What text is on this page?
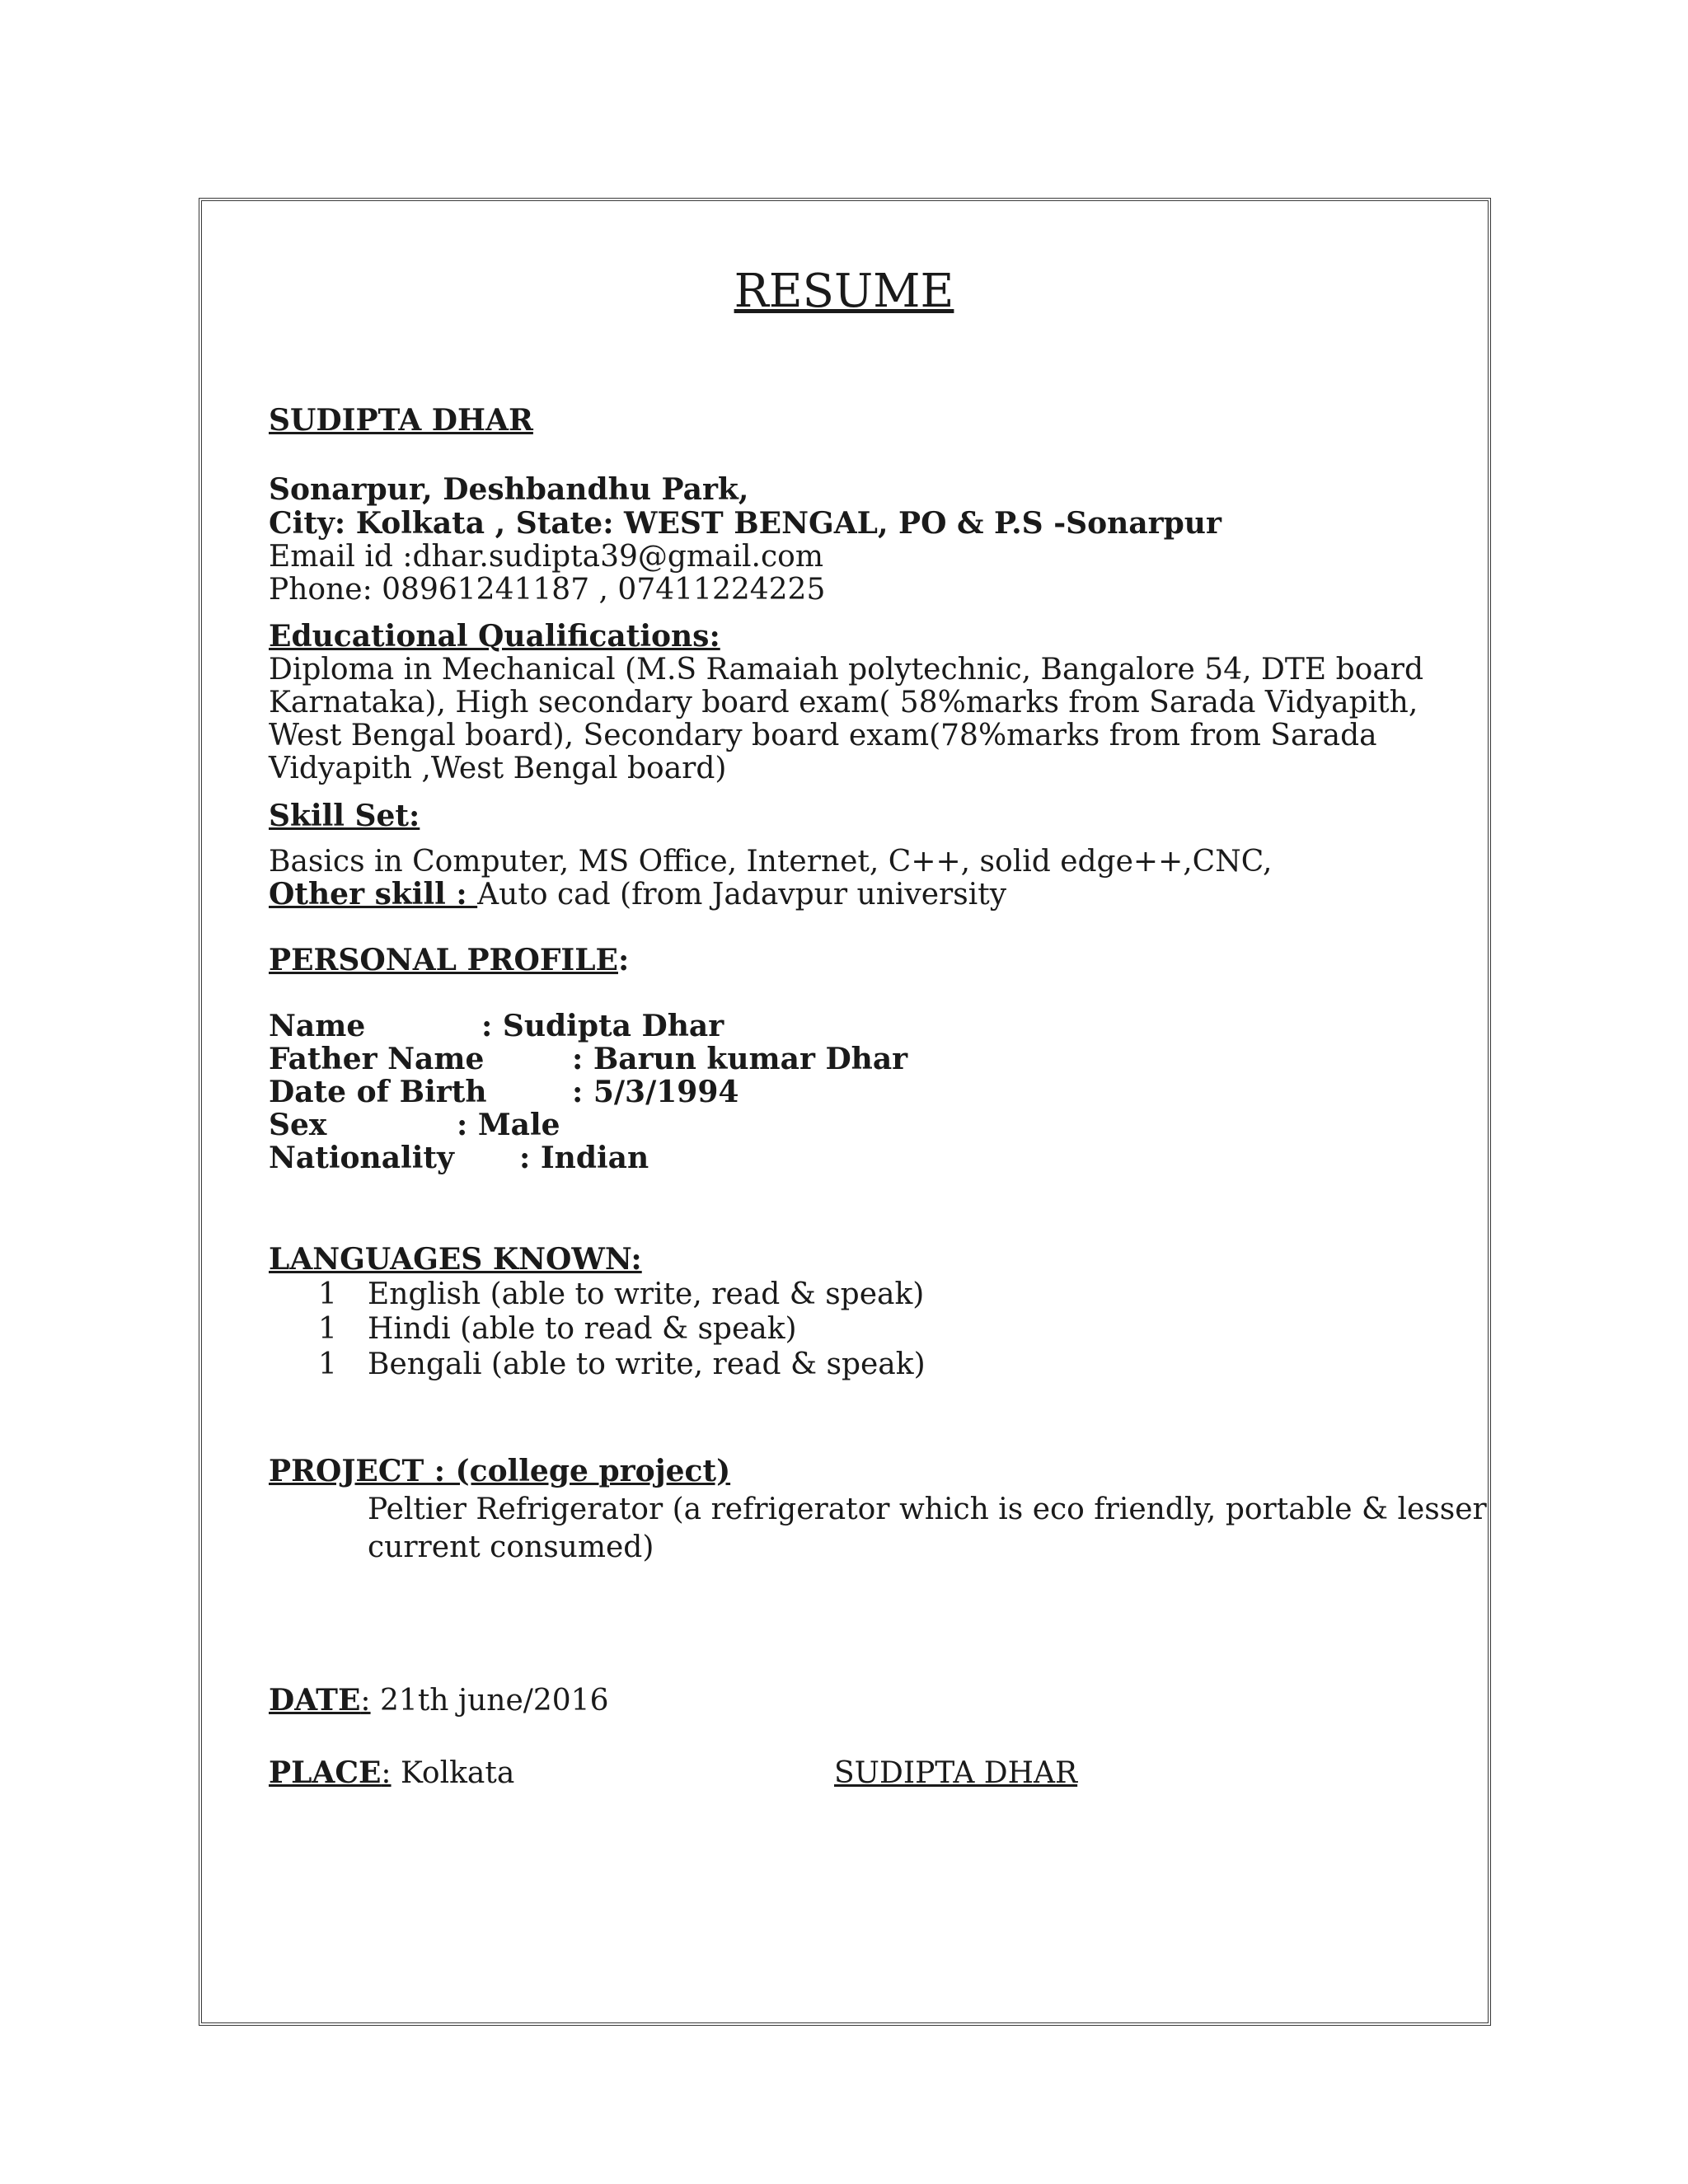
RESUME
SUDIPTA DHAR
Sonarpur, Deshbandhu Park,
City: Kolkata , State: WEST BENGAL, PO & P.S -Sonarpur
Email id :dhar.sudipta39@gmail.com
Phone: 08961241187 , 07411224225
Educational Qualifications:
Diploma in Mechanical (M.S Ramaiah polytechnic, Bangalore 54, DTE board
Karnataka), High secondary board exam( 58%marks from Sarada Vidyapith,
West Bengal board), Secondary board exam(78%marks from from Sarada
Vidyapith ,West Bengal board)
Skill Set:
Basics in Computer, MS Office, Internet, C++, solid edge++,CNC,
Other skill : Auto cad (from Jadavpur university
PERSONAL PROFILE:
Name	: Sudipta Dhar
Father Name	: Barun kumar Dhar
Date of Birth	: 5/3/1994
Sex	: Male
Nationality : Indian
LANGUAGES KNOWN:
1 English (able to write, read & speak)
1 Hindi (able to read & speak)
1 Bengali (able to write, read & speak)
PROJECT : (college project)
Peltier Refrigerator (a refrigerator which is eco friendly, portable & lesser
current consumed)
DATE: 21th june/2016
PLACE: Kolkata	SUDIPTA DHAR
